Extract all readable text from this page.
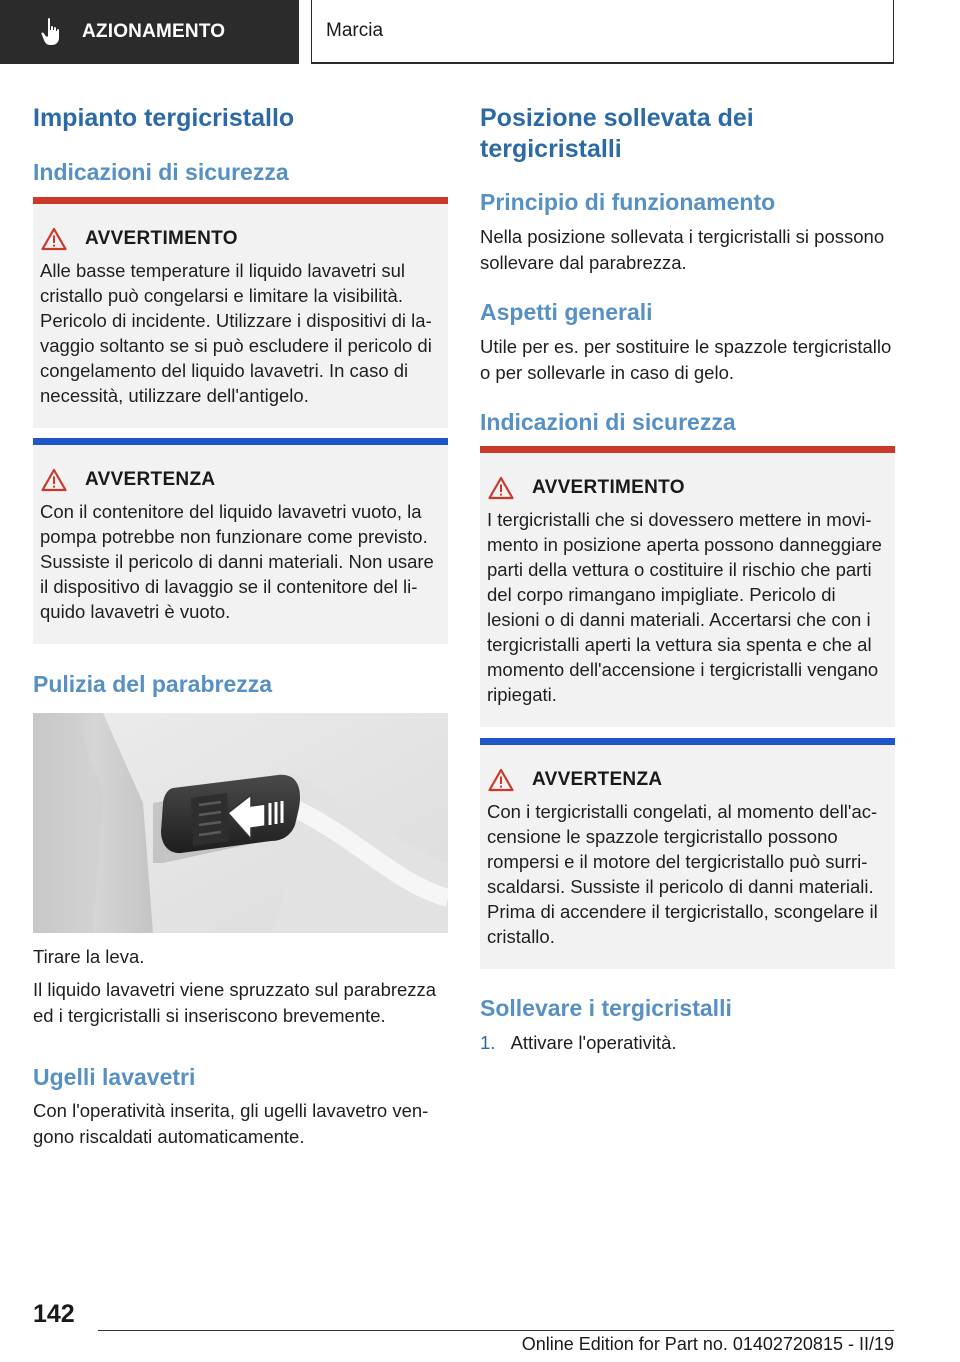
AZIONAMENTO	Marcia
Impianto tergicristallo
Indicazioni di sicurezza
AVVERTIMENTO
Alle basse temperature il liquido lavavetri sul cristallo può congelarsi e limitare la visibilità. Pericolo di incidente. Utilizzare i dispositivi di lavaggio soltanto se si può escludere il pericolo di congelamento del liquido lavavetri. In caso di necessità, utilizzare dell'antigelo.
AVVERTENZA
Con il contenitore del liquido lavavetri vuoto, la pompa potrebbe non funzionare come previsto. Sussiste il pericolo di danni materiali. Non usare il dispositivo di lavaggio se il contenitore del liquido lavavetri è vuoto.
Pulizia del parabrezza

Tirare la leva.

Il liquido lavavetri viene spruzzato sul parabrezza ed i tergicristalli si inseriscono brevemente.

Ugelli lavavetri

Con l'operatività inserita, gli ugelli lavavetro vengono riscaldati automaticamente.

Posizione sollevata dei tergicristalli
Principio di funzionamento

Nella posizione sollevata i tergicristalli si possono sollevare dal parabrezza.

Aspetti generali

Utile per es. per sostituire le spazzole tergicristallo o per sollevarle in caso di gelo.

Indicazioni di sicurezza
AVVERTIMENTO
I tergicristalli che si dovessero mettere in movimento in posizione aperta possono danneggiare parti della vettura o costituire il rischio che parti del corpo rimangano impigliate. Pericolo di lesioni o di danni materiali. Accertarsi che con i tergicristalli aperti la vettura sia spenta e che al momento dell'accensione i tergicristalli vengano ripiegati.
AVVERTENZA
Con i tergicristalli congelati, al momento dell'accensione le spazzole tergicristallo possono rompersi e il motore del tergicristallo può surriscaldarsi. Sussiste il pericolo di danni materiali. Prima di accendere il tergicristallo, scongelare il cristallo.
Sollevare i tergicristalli

1. Attivare l'operatività.

142
Online Edition for Part no. 01402720815 - II/19
